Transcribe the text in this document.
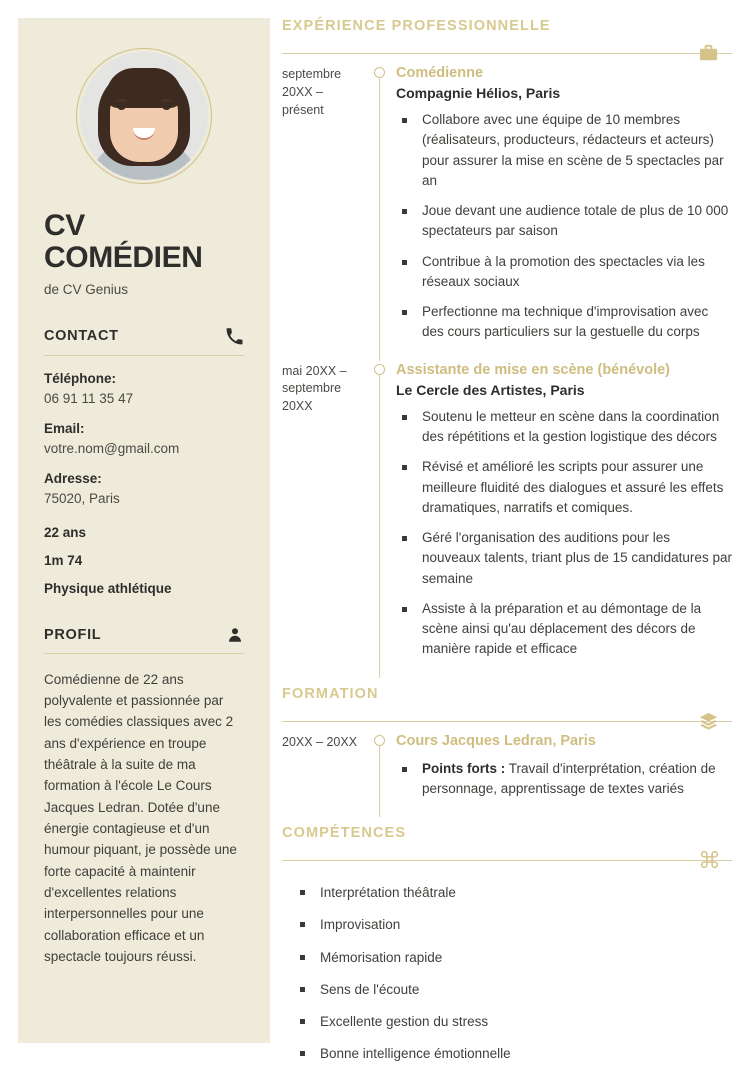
CV
COMÉDIEN
de CV Genius
CONTACT
Téléphone:
06 91 11 35 47
Email:
votre.nom@gmail.com
Adresse:
75020, Paris
22 ans
1m 74
Physique athlétique
PROFIL

Comédienne de 22 ans polyvalente et passionnée par les comédies classiques avec 2 ans d'expérience en troupe théâtrale à la suite de ma formation à l'école Le Cours Jacques Ledran. Dotée d'une énergie contagieuse et d'un humour piquant, je possède une forte capacité à maintenir d'excellentes relations interpersonnelles pour une collaboration efficace et un spectacle toujours réussi.

EXPÉRIENCE PROFESSIONNELLE
septembre 20XX – présent
Comédienne
Compagnie Hélios, Paris
Collabore avec une équipe de 10 membres (réalisateurs, producteurs, rédacteurs et acteurs) pour assurer la mise en scène de 5 spectacles par an
Joue devant une audience totale de plus de 10 000 spectateurs par saison
Contribue à la promotion des spectacles via les réseaux sociaux
Perfectionne ma technique d'improvisation avec des cours particuliers sur la gestuelle du corps
mai 20XX – septembre 20XX
Assistante de mise en scène (bénévole)
Le Cercle des Artistes, Paris
Soutenu le metteur en scène dans la coordination des répétitions et la gestion logistique des décors
Révisé et amélioré les scripts pour assurer une meilleure fluidité des dialogues et assuré les effets dramatiques, narratifs et comiques.
Géré l'organisation des auditions pour les nouveaux talents, triant plus de 15 candidatures par semaine
Assiste à la préparation et au démontage de la scène ainsi qu'au déplacement des décors de manière rapide et efficace
FORMATION
20XX – 20XX	Cours Jacques Ledran, Paris
Points forts : Travail d'interprétation, création de personnage, apprentissage de textes variés
COMPÉTENCES
Interprétation théâtrale
Improvisation
Mémorisation rapide
Sens de l'écoute
Excellente gestion du stress
Bonne intelligence émotionnelle
